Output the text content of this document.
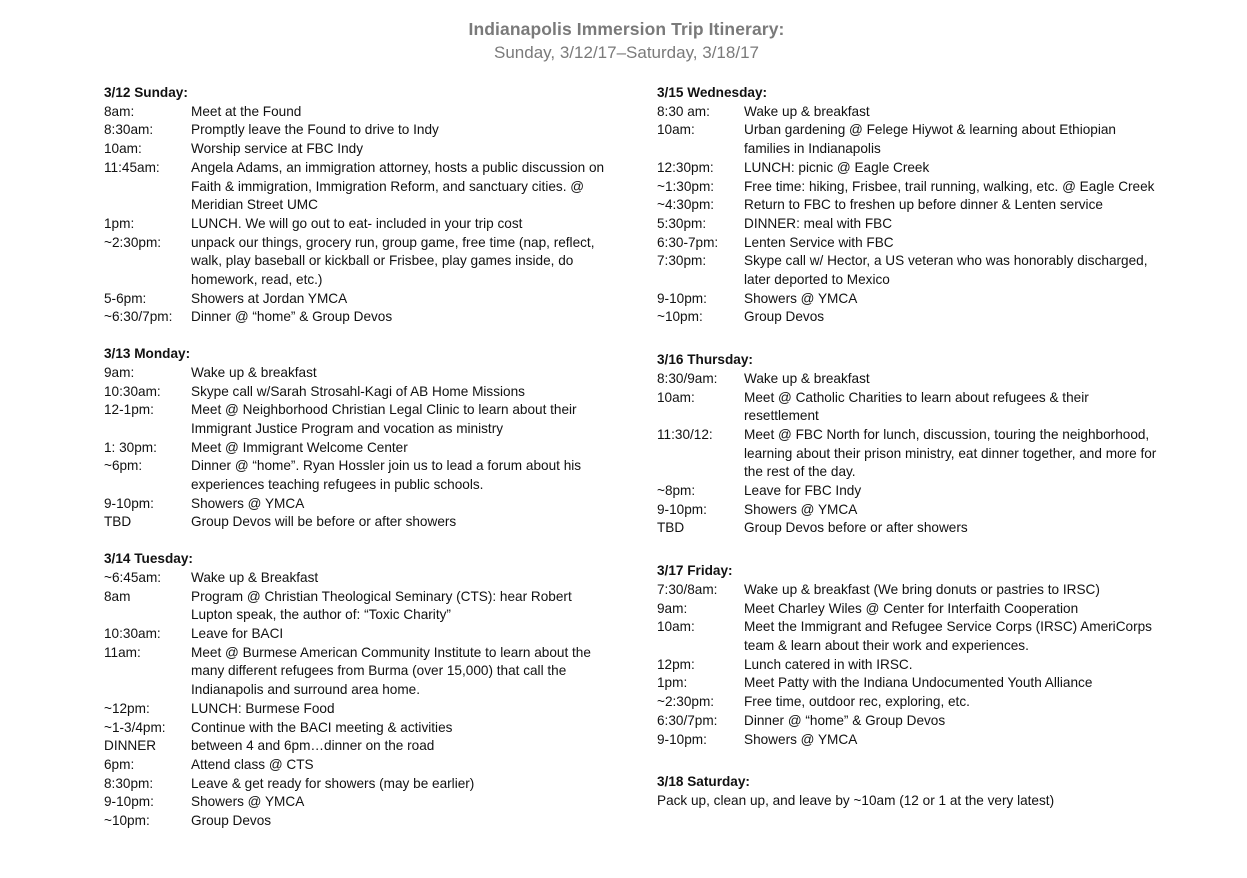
Indianapolis Immersion Trip Itinerary:
Sunday, 3/12/17–Saturday, 3/18/17
3/12 Sunday:
8am:	Meet at the Found
8:30am:	Promptly leave the Found to drive to Indy
10am:	Worship service at FBC Indy
11:45am:	Angela Adams, an immigration attorney, hosts a public discussion on Faith & immigration, Immigration Reform, and sanctuary cities. @ Meridian Street UMC
1pm:	LUNCH. We will go out to eat- included in your trip cost
~2:30pm:	unpack our things, grocery run, group game, free time (nap, reflect, walk, play baseball or kickball or Frisbee, play games inside, do homework, read, etc.)
5-6pm:	Showers at Jordan YMCA
~6:30/7pm:	Dinner @ “home” & Group Devos
3/13 Monday:
9am:	Wake up & breakfast
10:30am:	Skype call w/Sarah Strosahl-Kagi of AB Home Missions
12-1pm:	Meet @ Neighborhood Christian Legal Clinic to learn about their Immigrant Justice Program and vocation as ministry
1: 30pm:	Meet @ Immigrant Welcome Center
~6pm:	Dinner @ “home”. Ryan Hossler join us to lead a forum about his experiences teaching refugees in public schools.
9-10pm:	Showers @ YMCA
TBD	Group Devos will be before or after showers
3/14 Tuesday:
~6:45am:	Wake up & Breakfast
8am	Program @ Christian Theological Seminary (CTS): hear Robert Lupton speak, the author of: “Toxic Charity”
10:30am:	Leave for BACI
11am:	Meet @ Burmese American Community Institute to learn about the many different refugees from Burma (over 15,000) that call the Indianapolis and surround area home.
~12pm:	LUNCH: Burmese Food
~1-3/4pm:	Continue with the BACI meeting & activities
DINNER	between 4 and 6pm…dinner on the road
6pm:	Attend class @ CTS
8:30pm:	Leave & get ready for showers (may be earlier)
9-10pm:	Showers @ YMCA
~10pm:	Group Devos
3/15 Wednesday:
8:30 am:	Wake up & breakfast
10am:	Urban gardening @ Felege Hiywot & learning about Ethiopian families in Indianapolis
12:30pm:	LUNCH: picnic @ Eagle Creek
~1:30pm:	Free time: hiking, Frisbee, trail running, walking, etc. @ Eagle Creek
~4:30pm:	Return to FBC to freshen up before dinner & Lenten service
5:30pm:	DINNER: meal with FBC
6:30-7pm:	Lenten Service with FBC
7:30pm:	Skype call w/ Hector, a US veteran who was honorably discharged, later deported to Mexico
9-10pm:	Showers @ YMCA
~10pm:	Group Devos
3/16 Thursday:
8:30/9am:	Wake up & breakfast
10am:	Meet @ Catholic Charities to learn about refugees & their resettlement
11:30/12:	Meet @ FBC North for lunch, discussion, touring the neighborhood, learning about their prison ministry, eat dinner together, and more for the rest of the day.
~8pm:	Leave for FBC Indy
9-10pm:	Showers @ YMCA
TBD	Group Devos before or after showers
3/17 Friday:
7:30/8am:	Wake up & breakfast (We bring donuts or pastries to IRSC)
9am:	Meet Charley Wiles @ Center for Interfaith Cooperation
10am:	Meet the Immigrant and Refugee Service Corps (IRSC) AmeriCorps team & learn about their work and experiences.
12pm:	Lunch catered in with IRSC.
1pm:	Meet Patty with the Indiana Undocumented Youth Alliance
~2:30pm:	Free time, outdoor rec, exploring, etc.
6:30/7pm:	Dinner @ “home” & Group Devos
9-10pm:	Showers @ YMCA
3/18 Saturday:
Pack up, clean up, and leave by ~10am (12 or 1 at the very latest)
